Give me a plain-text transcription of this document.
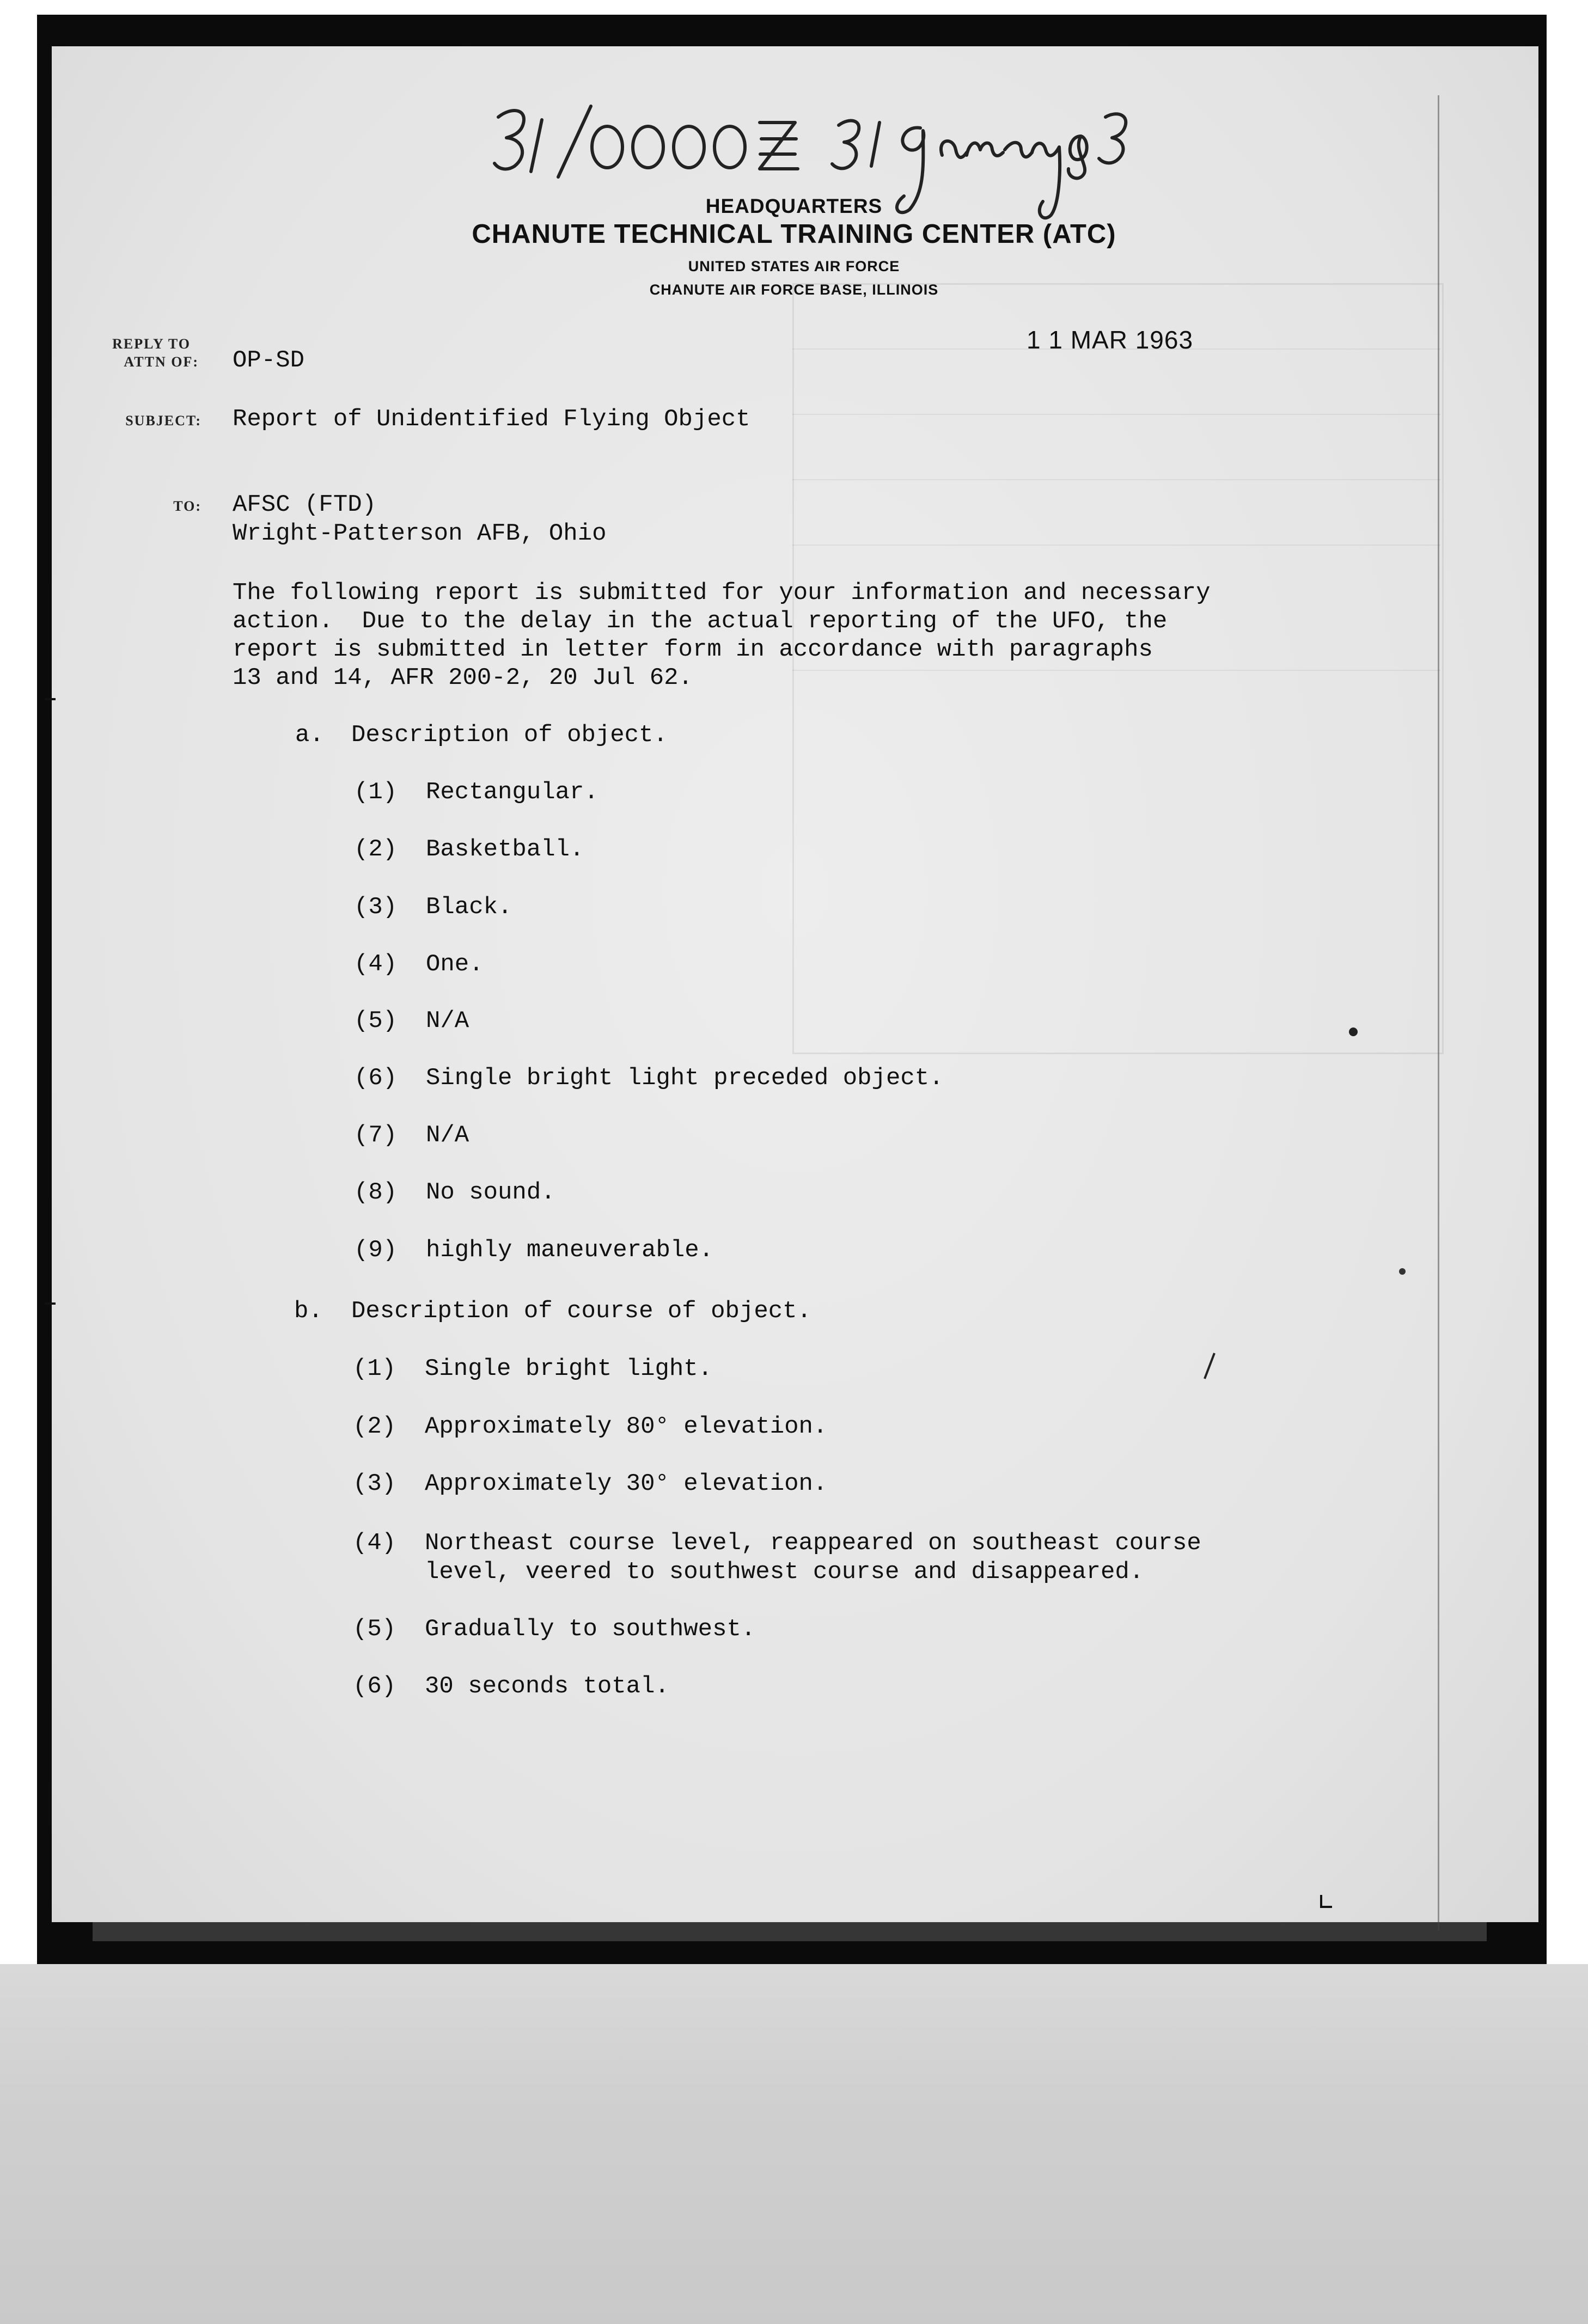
HEADQUARTERS
CHANUTE TECHNICAL TRAINING CENTER (ATC)
UNITED STATES AIR FORCE
CHANUTE AIR FORCE BASE, ILLINOIS
1 1 MAR 1963
REPLY TO
ATTN OF: OP-SD
SUBJECT: Report of Unidentified Flying Object
TO: AFSC (FTD)
Wright-Patterson AFB, Ohio
The following report is submitted for your information and necessary
action.  Due to the delay in the actual reporting of the UFO, the
report is submitted in letter form in accordance with paragraphs
13 and 14, AFR 200-2, 20 Jul 62.
a. Description of object.
(1) Rectangular.
(2) Basketball.
(3) Black.
(4) One.
(5) N/A
(6) Single bright light preceded object.
(7) N/A
(8) No sound.
(9) highly maneuverable.
b. Description of course of object.
(1) Single bright light.
(2) Approximately 80° elevation.
(3) Approximately 30° elevation.
(4) Northeast course level, reappeared on southeast course
level, veered to southwest course and disappeared.
(5) Gradually to southwest.
(6) 30 seconds total.
